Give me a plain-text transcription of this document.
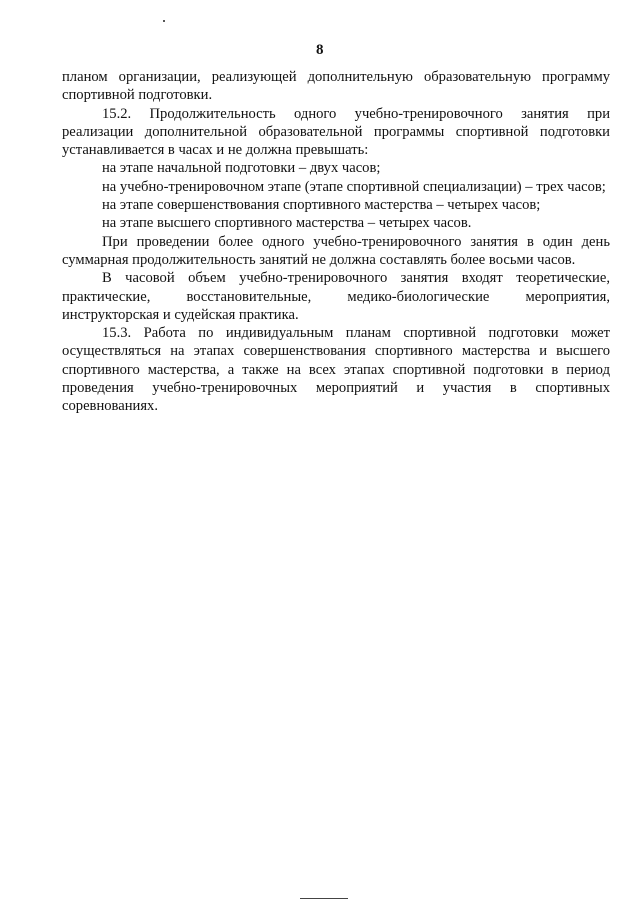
8

планом организации, реализующей дополнительную образовательную программу спортивной подготовки.

15.2. Продолжительность одного учебно-тренировочного занятия при реализации дополнительной образовательной программы спортивной подготовки устанавливается в часах и не должна превышать:

на этапе начальной подготовки – двух часов;

на учебно-тренировочном этапе (этапе спортивной специализации) – трех часов;

на этапе совершенствования спортивного мастерства – четырех часов;

на этапе высшего спортивного мастерства – четырех часов.

При проведении более одного учебно-тренировочного занятия в один день суммарная продолжительность занятий не должна составлять более восьми часов.

В часовой объем учебно-тренировочного занятия входят теоретические, практические, восстановительные, медико-биологические мероприятия, инструкторская и судейская практика.

15.3. Работа по индивидуальным планам спортивной подготовки может осуществляться на этапах совершенствования спортивного мастерства и высшего спортивного мастерства, а также на всех этапах спортивной подготовки в период проведения учебно-тренировочных мероприятий и участия в спортивных соревнованиях.
